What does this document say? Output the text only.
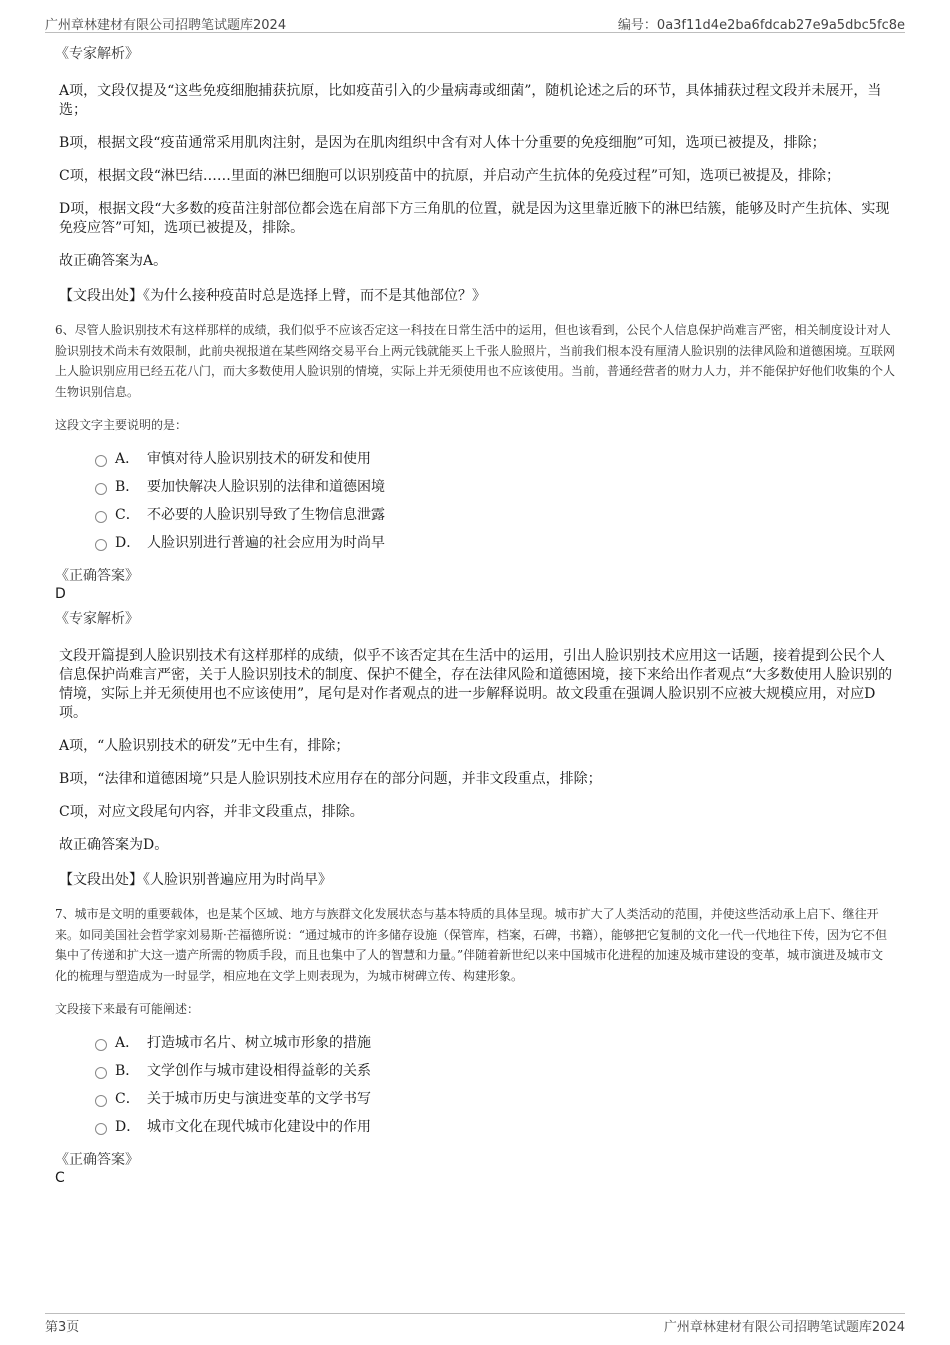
广州章林建材有限公司招聘笔试题库2024	编号：0a3f11d4e2ba6fdcab27e9a5dbc5fc8e
《专家解析》
A项，文段仅提及“这些免疫细胞捕获抗原，比如疫苗引入的少量病毒或细菌”，随机论述之后的环节，具体捕获过程文段并未展开，当选；
B项，根据文段“疫苗通常采用肌肉注射，是因为在肌肉组织中含有对人体十分重要的免疫细胞”可知，选项已被提及，排除；
C项，根据文段“淋巴结……里面的淋巴细胞可以识别疫苗中的抗原，并启动产生抗体的免疫过程”可知，选项已被提及，排除；
D项，根据文段“大多数的疫苗注射部位都会选在肩部下方三角肌的位置，就是因为这里靠近腋下的淋巴结簇，能够及时产生抗体、实现免疫应答”可知，选项已被提及，排除。
故正确答案为A。
【文段出处】《为什么接种疫苗时总是选择上臂，而不是其他部位？》
6、尽管人脸识别技术有这样那样的成绩，我们似乎不应该否定这一科技在日常生活中的运用，但也该看到，公民个人信息保护尚难言严密，相关制度设计对人脸识别技术尚未有效限制，此前央视报道在某些网络交易平台上两元钱就能买上千张人脸照片，当前我们根本没有厘清人脸识别的法律风险和道德困境。互联网上人脸识别应用已经五花八门，而大多数使用人脸识别的情境，实际上并无须使用也不应该使用。当前，普通经营者的财力人力，并不能保护好他们收集的个人生物识别信息。
这段文字主要说明的是：
A． 审慎对待人脸识别技术的研发和使用
B． 要加快解决人脸识别的法律和道德困境
C． 不必要的人脸识别导致了生物信息泄露
D． 人脸识别进行普遍的社会应用为时尚早
《正确答案》
D
《专家解析》
文段开篇提到人脸识别技术有这样那样的成绩，似乎不该否定其在生活中的运用，引出人脸识别技术应用这一话题，接着提到公民个人信息保护尚难言严密，关于人脸识别技术的制度、保护不健全，存在法律风险和道德困境，接下来给出作者观点“大多数使用人脸识别的情境，实际上并无须使用也不应该使用”，尾句是对作者观点的进一步解释说明。故文段重在强调人脸识别不应被大规模应用，对应D项。
A项，“人脸识别技术的研发”无中生有，排除；
B项，“法律和道德困境”只是人脸识别技术应用存在的部分问题，并非文段重点，排除；
C项，对应文段尾句内容，并非文段重点，排除。
故正确答案为D。
【文段出处】《人脸识别普遍应用为时尚早》
7、城市是文明的重要载体，也是某个区域、地方与族群文化发展状态与基本特质的具体呈现。城市扩大了人类活动的范围，并使这些活动承上启下、继往开来。如同美国社会哲学家刘易斯·芒福德所说：“通过城市的许多储存设施（保管库，档案，石碑，书籍），能够把它复制的文化一代一代地往下传，因为它不但集中了传递和扩大这一遗产所需的物质手段，而且也集中了人的智慧和力量。”伴随着新世纪以来中国城市化进程的加速及城市建设的变革，城市演进及城市文化的梳理与塑造成为一时显学，相应地在文学上则表现为，为城市树碑立传、构建形象。
文段接下来最有可能阐述：
A． 打造城市名片、树立城市形象的措施
B． 文学创作与城市建设相得益彰的关系
C． 关于城市历史与演进变革的文学书写
D． 城市文化在现代城市化建设中的作用
《正确答案》
C
第3页	广州章林建材有限公司招聘笔试题库2024
